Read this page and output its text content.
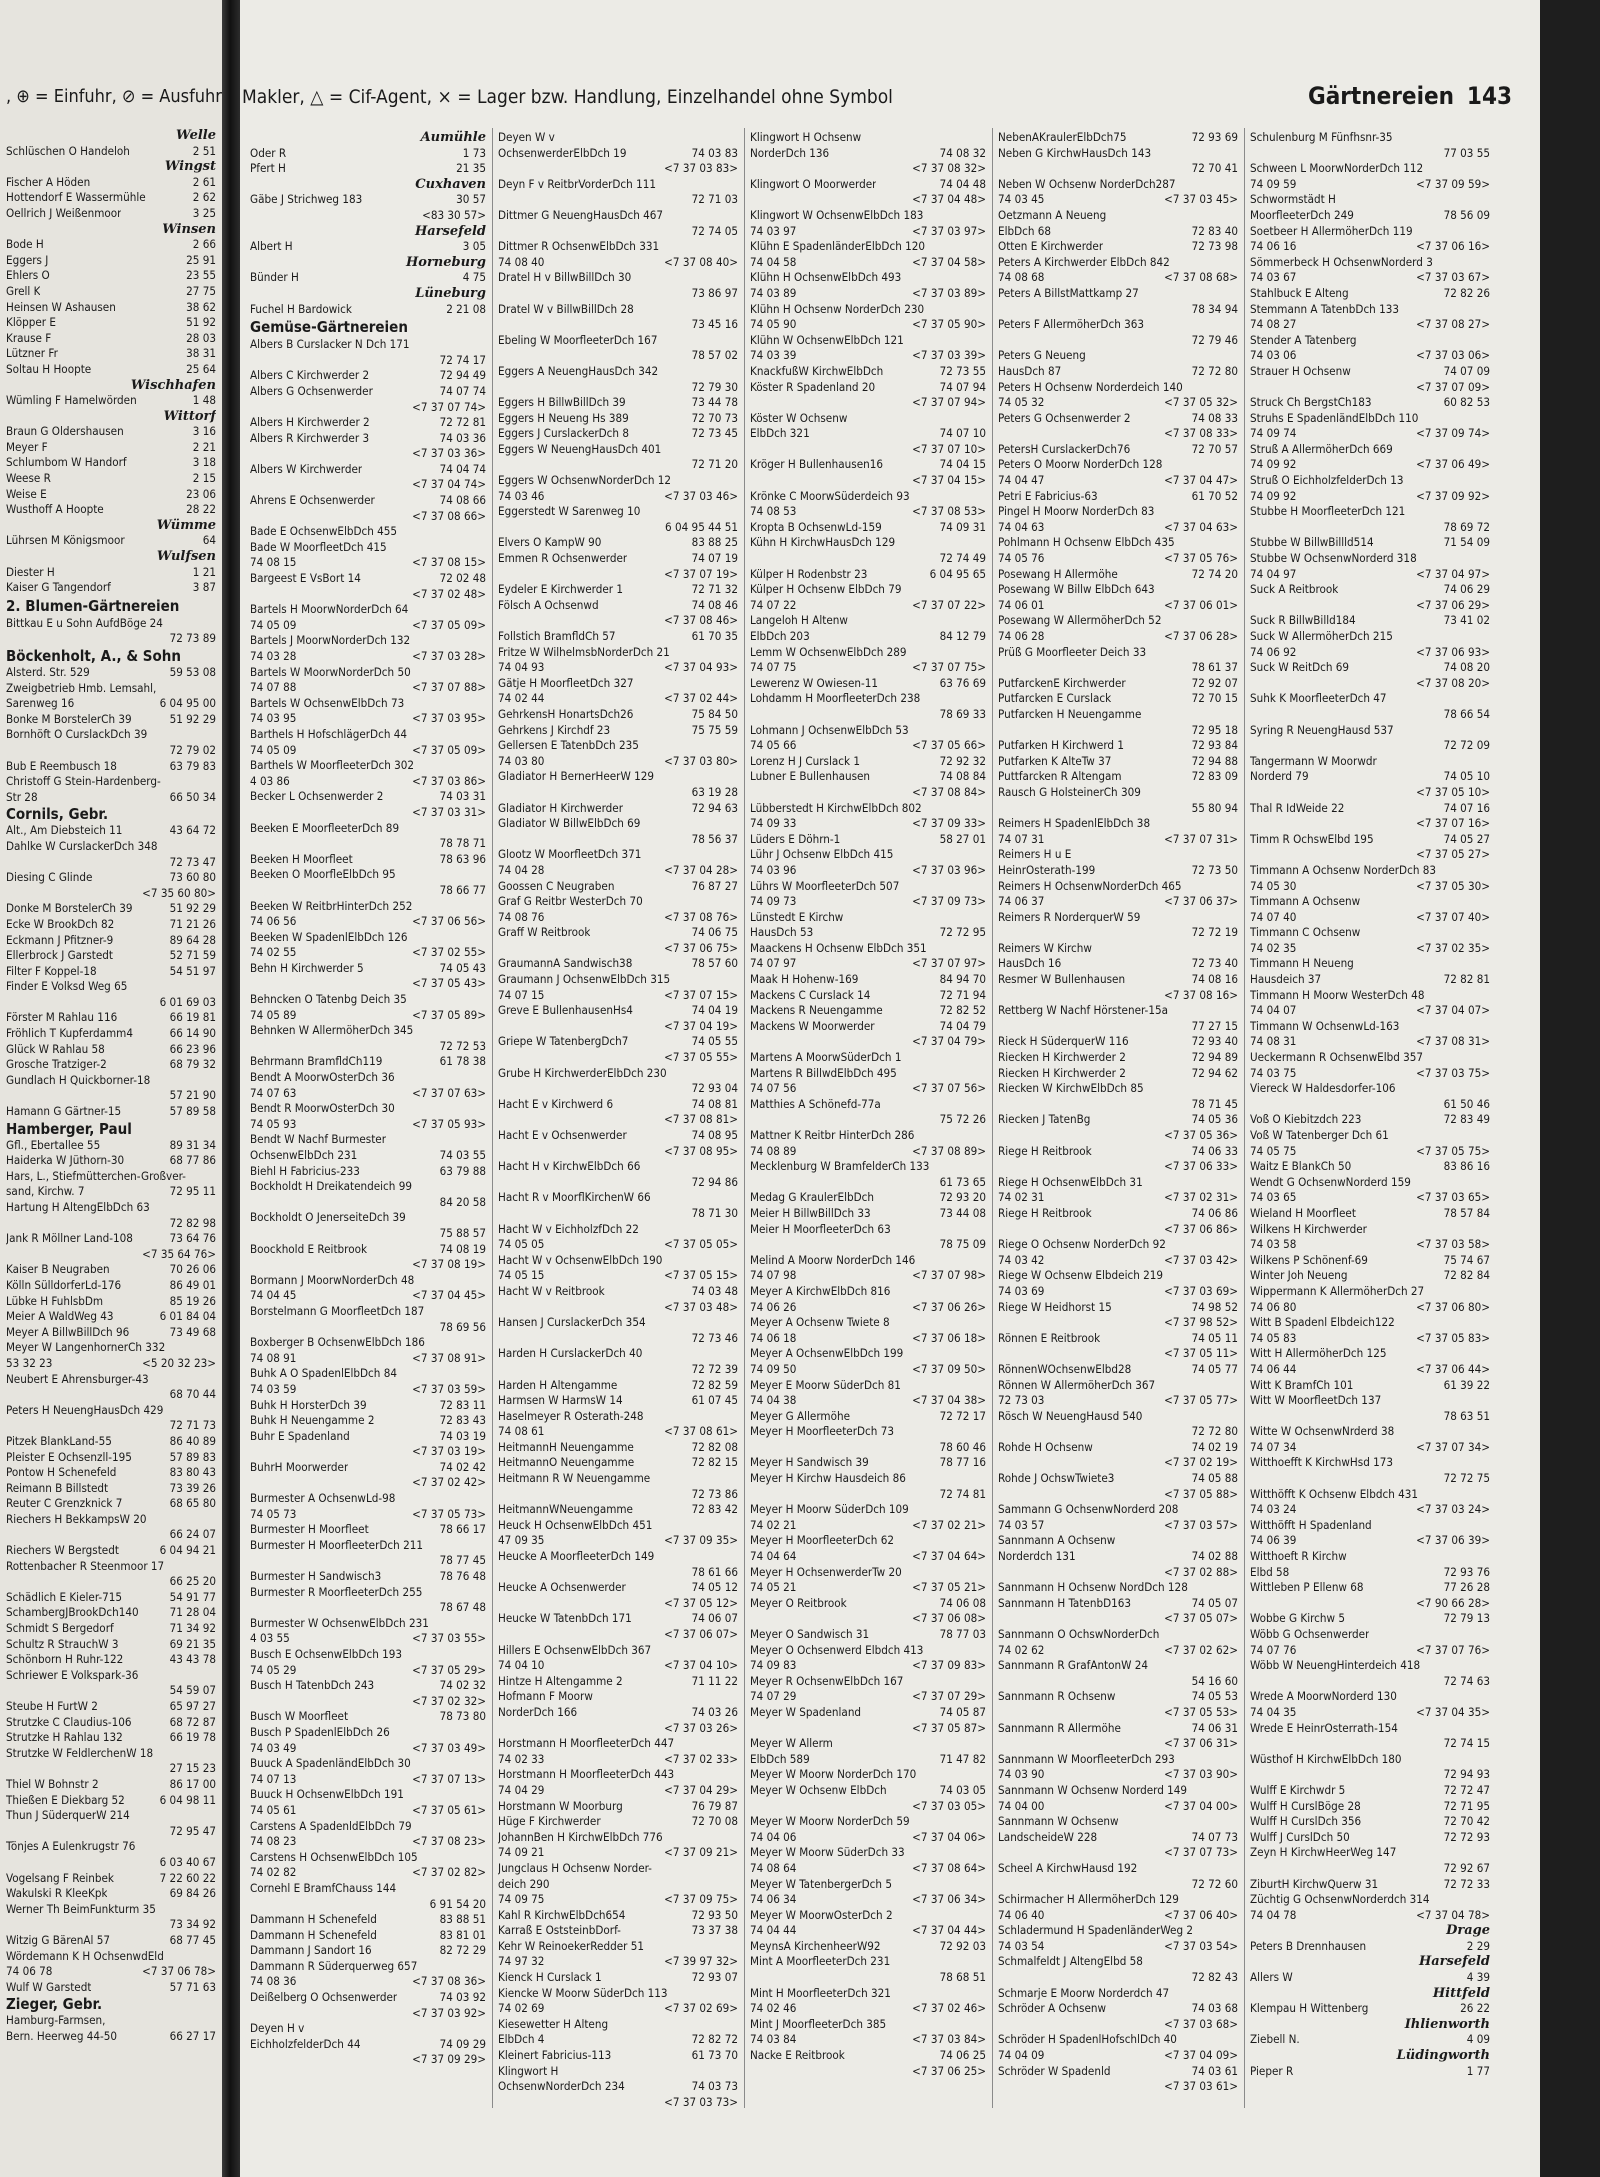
, ⊕ = Einfuhr, ⊘ = Ausfuhr
Welle
Schlüschen O Handeloh	2 51
Wingst
Fischer A Höden	2 61
Hottendorf E Wassermühle	2 62
Oellrich J Weißenmoor	3 25
Winsen
Bode H	2 66
Eggers J	25 91
Ehlers O	23 55
Grell K	27 75
Heinsen W Ashausen	38 62
Klöpper E	51 92
Krause F	28 03
Lützner Fr	38 31
Soltau H Hoopte	25 64
Wischhafen
Wümling F Hamelwörden	1 48
Wittorf
Braun G Oldershausen	3 16
Meyer F	2 21
Schlumbom W Handorf	3 18
Weese R	2 15
Weise E	23 06
Wusthoff A Hoopte	28 22
Wümme
Lührsen M Königsmoor	64
Wulfsen
Diester H	1 21
Kaiser G Tangendorf	3 87
2. Blumen-Gärtnereien
Bittkau E u Sohn AufdBöge 24
72 73 89
Böckenholt, A., & Sohn
Alsterd. Str. 529	59 53 08
Zweigbetrieb Hmb. Lemsahl,
Sarenweg 16	6 04 95 00
Bonke M BorstelerCh 39	51 92 29
Bornhöft O CurslackDch 39
72 79 02
Bub E Reembusch 18	63 79 83
Christoff G Stein-Hardenberg-
Str 28	66 50 34
Cornils, Gebr.
Alt., Am Diebsteich 11	43 64 72
Dahlke W CurslackerDch 348
72 73 47
Diesing C Glinde	73 60 80
<7 35 60 80>
Donke M BorstelerCh 39	51 92 29
Ecke W BrookDch 82	71 21 26
Eckmann J Pfitzner-9	89 64 28
Ellerbrock J Garstedt	52 71 59
Filter F Koppel-18	54 51 97
Finder E Volksd Weg 65
6 01 69 03
Förster M Rahlau 116	66 19 81
Fröhlich T Kupferdamm4	66 14 90
Glück W Rahlau 58	66 23 96
Grosche Tratziger-2	68 79 32
Gundlach H Quickborner-18
57 21 90
Hamann G Gärtner-15	57 89 58
Hamberger, Paul
Gfl., Ebertallee 55	89 31 34
Haiderka W Jüthorn-30	68 77 86
Hars, L., Stiefmütterchen-Großver-
sand, Kirchw. 7	72 95 11
Hartung H AltengElbDch 63
72 82 98
Jank R Möllner Land-108	73 64 76
<7 35 64 76>
Kaiser B Neugraben	70 26 06
Kölln SülldorferLd-176	86 49 01
Lübke H FuhlsbDm	85 19 26
Meier A WaldWeg 43	6 01 84 04
Meyer A BillwBillDch 96	73 49 68
Meyer W LangenhornerCh 332
53 32 23	<5 20 32 23>
Neubert E Ahrensburger-43
68 70 44
Peters H NeuengHausDch 429
72 71 73
Pitzek BlankLand-55	86 40 89
Pleister E Ochsenzll-195	57 89 83
Pontow H Schenefeld	83 80 43
Reimann B Billstedt	73 39 26
Reuter C Grenzknick 7	68 65 80
Riechers H BekkampsW 20
66 24 07
Riechers W Bergstedt	6 04 94 21
Rottenbacher R Steenmoor 17
66 25 20
Schädlich E Kieler-715	54 91 77
SchambergJBrookDch140	71 28 04
Schmidt S Bergedorf	71 34 92
Schultz R StrauchW 3	69 21 35
Schönborn H Ruhr-122	43 43 78
Schriewer E Volkspark-36
54 59 07
Steube H FurtW 2	65 97 27
Strutzke C Claudius-106	68 72 87
Strutzke H Rahlau 132	66 19 78
Strutzke W FeldlerchenW 18
27 15 23
Thiel W Bohnstr 2	86 17 00
Thießen E Diekbarg 52	6 04 98 11
Thun J SüderquerW 214
72 95 47
Tönjes A Eulenkrugstr 76
6 03 40 67
Vogelsang F Reinbek	7 22 60 22
Wakulski R KleeKpk	69 84 26
Werner Th BeimFunkturm 35
73 34 92
Witzig G BärenAl 57	68 77 45
Wördemann K H OchsenwdEld
74 06 78	<7 37 06 78>
Wulf W Garstedt	57 71 63
Zieger, Gebr.
Hamburg-Farmsen,
Bern. Heerweg 44-50	66 27 17
Makler, △ = Cif-Agent, × = Lager bzw. Handlung, Einzelhandel ohne Symbol	Gärtnereien 143
Aumühle
Oder R	1 73
Pfert H	21 35
Cuxhaven
Gäbe J Strichweg 183	30 57
<83 30 57>
Harsefeld
Albert H	3 05
Horneburg
Bünder H	4 75
Lüneburg
Fuchel H Bardowick	2 21 08
Gemüse-Gärtnereien
Albers B Curslacker N Dch 171
72 74 17
Albers C Kirchwerder 2	72 94 49
Albers G Ochsenwerder	74 07 74
<7 37 07 74>
Albers H Kirchwerder 2	72 72 81
Albers R Kirchwerder 3	74 03 36
<7 37 03 36>
Albers W Kirchwerder	74 04 74
<7 37 04 74>
Ahrens E Ochsenwerder	74 08 66
<7 37 08 66>
Bade E OchsenwElbDch 455
Bade W MoorfleetDch 415
74 08 15	<7 37 08 15>
Bargeest E VsBort 14	72 02 48
<7 37 02 48>
Bartels H MoorwNorderDch 64
74 05 09	<7 37 05 09>
Bartels J MoorwNorderDch 132
74 03 28	<7 37 03 28>
Bartels W MoorwNorderDch 50
74 07 88	<7 37 07 88>
Bartels W OchsenwElbDch 73
74 03 95	<7 37 03 95>
Barthels H HofschlägerDch 44
74 05 09	<7 37 05 09>
Barthels W MoorfleeterDch 302
4 03 86	<7 37 03 86>
Becker L Ochsenwerder 2	74 03 31
<7 37 03 31>
Beeken E MoorfleeterDch 89
78 78 71
Beeken H Moorfleet	78 63 96
Beeken O MoorfleElbDch 95
78 66 77
Beeken W ReitbrHinterDch 252
74 06 56	<7 37 06 56>
Beeken W SpadenlElbDch 126
74 02 55	<7 37 02 55>
Behn H Kirchwerder 5	74 05 43
<7 37 05 43>
Behncken O Tatenbg Deich 35
74 05 89	<7 37 05 89>
Behnken W AllermöherDch 345
72 72 53
Behrmann BramfldCh119	61 78 38
Bendt A MoorwOsterDch 36
74 07 63	<7 37 07 63>
Bendt R MoorwOsterDch 30
74 05 93	<7 37 05 93>
Bendt W Nachf Burmester
OchsenwElbDch 231	74 03 55
Biehl H Fabricius-233	63 79 88
Bockholdt H Dreikatendeich 99
84 20 58
Bockholdt O JenerseiteDch 39
75 88 57
Boockhold E Reitbrook	74 08 19
<7 37 08 19>
Bormann J MoorwNorderDch 48
74 04 45	<7 37 04 45>
Borstelmann G MoorfleetDch 187
78 69 56
Boxberger B OchsenwElbDch 186
74 08 91	<7 37 08 91>
Buhk A O SpadenlElbDch 84
74 03 59	<7 37 03 59>
Buhk H HorsterDch 39	72 83 11
Buhk H Neuengamme 2	72 83 43
Buhr E Spadenland	74 03 19
<7 37 03 19>
BuhrH Moorwerder	74 02 42
<7 37 02 42>
Burmester A OchsenwLd-98
74 05 73	<7 37 05 73>
Burmester H Moorfleet	78 66 17
Burmester H MoorfleeterDch 211
78 77 45
Burmester H Sandwisch3	78 76 48
Burmester R MoorfleeterDch 255
78 67 48
Burmester W OchsenwElbDch 231
4 03 55	<7 37 03 55>
Busch E OchsenwElbDch 193
74 05 29	<7 37 05 29>
Busch H TatenbDch 243	74 02 32
<7 37 02 32>
Busch W Moorfleet	78 73 80
Busch P SpadenlElbDch 26
74 03 49	<7 37 03 49>
Buuck A SpadenländElbDch 30
74 07 13	<7 37 07 13>
Buuck H OchsenwElbDch 191
74 05 61	<7 37 05 61>
Carstens A SpadenldElbDch 79
74 08 23	<7 37 08 23>
Carstens H OchsenwElbDch 105
74 02 82	<7 37 02 82>
Cornehl E BramfChauss 144
6 91 54 20
Dammann H Schenefeld	83 88 51
Dammann H Schenefeld	83 81 01
Dammann J Sandort 16	82 72 29
Dammann R Süderquerweg 657
74 08 36	<7 37 08 36>
Deißelberg O Ochsenwerder	74 03 92
<7 37 03 92>
Deyen H v
EichholzfelderDch 44	74 09 29
<7 37 09 29>
Deyen W v
OchsenwerderElbDch 19	74 03 83
<7 37 03 83>
Deyn F v ReitbrVorderDch 111
72 71 03
Dittmer G NeuengHausDch 467
72 74 05
Dittmer R OchsenwElbDch 331
74 08 40	<7 37 08 40>
Dratel H v BillwBillDch 30
73 86 97
Dratel W v BillwBillDch 28
73 45 16
Ebeling W MoorfleeterDch 167
78 57 02
Eggers A NeuengHausDch 342
72 79 30
Eggers H BillwBillDch 39	73 44 78
Eggers H Neueng Hs 389	72 70 73
Eggers J CurslackerDch 8	72 73 45
Eggers W NeuengHausDch 401
72 71 20
Eggers W OchsenwNorderDch 12
74 03 46	<7 37 03 46>
Eggerstedt W Sarenweg 10
6 04 95 44 51
Elvers O KampW 90	83 88 25
Emmen R Ochsenwerder	74 07 19
<7 37 07 19>
Eydeler E Kirchwerder 1	72 71 32
Fölsch A Ochsenwd	74 08 46
<7 37 08 46>
Follstich BramfldCh 57	61 70 35
Fritze W WilhelmsbNorderDch 21
74 04 93	<7 37 04 93>
Gätje H MoorfleetDch 327
74 02 44	<7 37 02 44>
GehrkensH HonartsDch26	75 84 50
Gehrkens J Kirchdf 23	75 75 59
Gellersen E TatenbDch 235
74 03 80	<7 37 03 80>
Gladiator H BernerHeerW 129
63 19 28
Gladiator H Kirchwerder	72 94 63
Gladiator W BillwElbDch 69
78 56 37
Glootz W MoorfleetDch 371
74 04 28	<7 37 04 28>
Goossen C Neugraben	76 87 27
Graf G Reitbr WesterDch 70
74 08 76	<7 37 08 76>
Graff W Reitbrook	74 06 75
<7 37 06 75>
GraumannA Sandwisch38	78 57 60
Graumann J OchsenwElbDch 315
74 07 15	<7 37 07 15>
Greve E BullenhausenHs4	74 04 19
<7 37 04 19>
Griepe W TatenbergDch7	74 05 55
<7 37 05 55>
Grube H KirchwerderElbDch 230
72 93 04
Hacht E v Kirchwerd 6	74 08 81
<7 37 08 81>
Hacht E v Ochsenwerder	74 08 95
<7 37 08 95>
Hacht H v KirchwElbDch 66
72 94 86
Hacht R v MoorflKirchenW 66
78 71 30
Hacht W v EichholzfDch 22
74 05 05	<7 37 05 05>
Hacht W v OchsenwElbDch 190
74 05 15	<7 37 05 15>
Hacht W v Reitbrook	74 03 48
<7 37 03 48>
Hansen J CurslackerDch 354
72 73 46
Harden H CurslackerDch 40
72 72 39
Harden H Altengamme	72 82 59
Harmsen W HarmsW 14	61 07 45
Haselmeyer R Osterath-248
74 08 61	<7 37 08 61>
HeitmannH Neuengamme	72 82 08
HeitmannO Neuengamme	72 82 15
Heitmann R W Neuengamme
72 73 86
HeitmannWNeuengamme	72 83 42
Heuck H OchsenwElbDch 451
47 09 35	<7 37 09 35>
Heucke A MoorfleeterDch 149
78 61 66
Heucke A Ochsenwerder	74 05 12
<7 37 05 12>
Heucke W TatenbDch 171	74 06 07
<7 37 06 07>
Hillers E OchsenwElbDch 367
74 04 10	<7 37 04 10>
Hintze H Altengamme 2	71 11 22
Hofmann F Moorw
NorderDch 166	74 03 26
<7 37 03 26>
Horstmann H MoorfleeterDch 447
74 02 33	<7 37 02 33>
Horstmann H MoorfleeterDch 443
74 04 29	<7 37 04 29>
Horstmann W Moorburg	76 79 87
Hüge F Kirchwerder	72 70 08
JohannBen H KirchwElbDch 776
74 09 21	<7 37 09 21>
Jungclaus H Ochsenw Norder-
deich 290
74 09 75	<7 37 09 75>
Kahl R KirchwElbDch654	72 93 50
Karraß E OststeinbDorf-	73 37 38
Kehr W ReinoekerRedder 51
74 97 32	<7 39 97 32>
Kienck H Curslack 1	72 93 07
Kiencke W Moorw SüderDch 113
74 02 69	<7 37 02 69>
Kiesewetter H Alteng
ElbDch 4	72 82 72
Kleinert Fabricius-113	61 73 70
Klingwort H
OchsenwNorderDch 234	74 03 73
<7 37 03 73>
Klingwort H Ochsenw
NorderDch 136	74 08 32
<7 37 08 32>
Klingwort O Moorwerder	74 04 48
<7 37 04 48>
Klingwort W OchsenwElbDch 183
74 03 97	<7 37 03 97>
Klühn E SpadenländerElbDch 120
74 04 58	<7 37 04 58>
Klühn H OchsenwElbDch 493
74 03 89	<7 37 03 89>
Klühn H Ochsenw NorderDch 230
74 05 90	<7 37 05 90>
Klühn W OchsenwElbDch 121
74 03 39	<7 37 03 39>
KnackfußW KirchwElbDch	72 73 55
Köster R Spadenland 20	74 07 94
<7 37 07 94>
Köster W Ochsenw
ElbDch 321	74 07 10
<7 37 07 10>
Kröger H Bullenhausen16	74 04 15
<7 37 04 15>
Krönke C MoorwSüderdeich 93
74 08 53	<7 37 08 53>
Kropta B OchsenwLd-159	74 09 31
Kühn H KirchwHausDch 129
72 74 49
Külper H Rodenbstr 23	6 04 95 65
Külper H Ochsenw ElbDch 79
74 07 22	<7 37 07 22>
Langeloh H Altenw
ElbDch 203	84 12 79
Lemm W OchsenwElbDch 289
74 07 75	<7 37 07 75>
Lewerenz W Owiesen-11	63 76 69
Lohdamm H MoorfleeterDch 238
78 69 33
Lohmann J OchsenwElbDch 53
74 05 66	<7 37 05 66>
Lorenz H J Curslack 1	72 92 32
Lubner E Bullenhausen	74 08 84
<7 37 08 84>
Lübberstedt H KirchwElbDch 802
74 09 33	<7 37 09 33>
Lüders E Döhrn-1	58 27 01
Lühr J Ochsenw ElbDch 415
74 03 96	<7 37 03 96>
Lührs W MoorfleeterDch 507
74 09 73	<7 37 09 73>
Lünstedt E Kirchw
HausDch 53	72 72 95
Maackens H Ochsenw ElbDch 351
74 07 97	<7 37 07 97>
Maak H Hohenw-169	84 94 70
Mackens C Curslack 14	72 71 94
Mackens R Neuengamme	72 82 52
Mackens W Moorwerder	74 04 79
<7 37 04 79>
Martens A MoorwSüderDch 1
Martens R BillwdElbDch 495
74 07 56	<7 37 07 56>
Matthies A Schönefd-77a
75 72 26
Mattner K Reitbr HinterDch 286
74 08 89	<7 37 08 89>
Mecklenburg W BramfelderCh 133
61 73 65
Medag G KraulerElbDch	72 93 20
Meier H BillwBillDch 33	73 44 08
Meier H MoorfleeterDch 63
78 75 09
Melind A Moorw NorderDch 146
74 07 98	<7 37 07 98>
Meyer A KirchwElbDch 816
74 06 26	<7 37 06 26>
Meyer A Ochsenw Twiete 8
74 06 18	<7 37 06 18>
Meyer A OchsenwElbDch 199
74 09 50	<7 37 09 50>
Meyer E Moorw SüderDch 81
74 04 38	<7 37 04 38>
Meyer G Allermöhe	72 72 17
Meyer H MoorfleeterDch 73
78 60 46
Meyer H Sandwisch 39	78 77 16
Meyer H Kirchw Hausdeich 86
72 74 81
Meyer H Moorw SüderDch 109
74 02 21	<7 37 02 21>
Meyer H MoorfleeterDch 62
74 04 64	<7 37 04 64>
Meyer H OchsenwerderTw 20
74 05 21	<7 37 05 21>
Meyer O Reitbrook	74 06 08
<7 37 06 08>
Meyer O Sandwisch 31	78 77 03
Meyer O Ochsenwerd Elbdch 413
74 09 83	<7 37 09 83>
Meyer R OchsenwElbDch 167
74 07 29	<7 37 07 29>
Meyer W Spadenland	74 05 87
<7 37 05 87>
Meyer W Allerm
ElbDch 589	71 47 82
Meyer W Moorw NorderDch 170
Meyer W Ochsenw ElbDch	74 03 05
<7 37 03 05>
Meyer W Moorw NorderDch 59
74 04 06	<7 37 04 06>
Meyer W Moorw SüderDch 33
74 08 64	<7 37 08 64>
Meyer W TatenbergerDch 5
74 06 34	<7 37 06 34>
Meyer W MoorwOsterDch 2
74 04 44	<7 37 04 44>
MeynsA KirchenheerW92	72 92 03
Mint A MoorfleeterDch 231
78 68 51
Mint H MoorfleeterDch 321
74 02 46	<7 37 02 46>
Mint J MoorfleeterDch 385
74 03 84	<7 37 03 84>
Nacke E Reitbrook	74 06 25
<7 37 06 25>
NebenAKraulerElbDch75	72 93 69
Neben G KirchwHausDch 143
72 70 41
Neben W Ochsenw NorderDch287
74 03 45	<7 37 03 45>
Oetzmann A Neueng
ElbDch 68	72 83 40
Otten E Kirchwerder	72 73 98
Peters A Kirchwerder ElbDch 842
74 08 68	<7 37 08 68>
Peters A BillstMattkamp 27
78 34 94
Peters F AllermöherDch 363
72 79 46
Peters G Neueng
HausDch 87	72 72 80
Peters H Ochsenw Norderdeich 140
74 05 32	<7 37 05 32>
Peters G Ochsenwerder 2	74 08 33
<7 37 08 33>
PetersH CurslackerDch76	72 70 57
Peters O Moorw NorderDch 128
74 04 47	<7 37 04 47>
Petri E Fabricius-63	61 70 52
Pingel H Moorw NorderDch 83
74 04 63	<7 37 04 63>
Pohlmann H Ochsenw ElbDch 435
74 05 76	<7 37 05 76>
Posewang H Allermöhe	72 74 20
Posewang W Billw ElbDch 643
74 06 01	<7 37 06 01>
Posewang W AllermöherDch 52
74 06 28	<7 37 06 28>
Prüß G Moorfleeter Deich 33
78 61 37
PutfarckenE Kirchwerder	72 92 07
Putfarcken E Curslack	72 70 15
Putfarcken H Neuengamme
72 95 18
Putfarken H Kirchwerd 1	72 93 84
Putfarken K AlteTw 37	72 94 88
Puttfarcken R Altengam	72 83 09
Rausch G HolsteinerCh 309
55 80 94
Reimers H SpadenlElbDch 38
74 07 31	<7 37 07 31>
Reimers H u E
HeinrOsterath-199	72 73 50
Reimers H OchsenwNorderDch 465
74 06 37	<7 37 06 37>
Reimers R NorderquerW 59
72 72 19
Reimers W Kirchw
HausDch 16	72 73 40
Resmer W Bullenhausen	74 08 16
<7 37 08 16>
Rettberg W Nachf Hörstener-15a
77 27 15
Rieck H SüderquerW 116	72 93 40
Riecken H Kirchwerder 2	72 94 89
Riecken H Kirchwerder 2	72 94 62
Riecken W KirchwElbDch 85
78 71 45
Riecken J TatenBg	74 05 36
<7 37 05 36>
Riege H Reitbrook	74 06 33
<7 37 06 33>
Riege H OchsenwElbDch 31
74 02 31	<7 37 02 31>
Riege H Reitbrook	74 06 86
<7 37 06 86>
Riege O Ochsenw NorderDch 92
74 03 42	<7 37 03 42>
Riege W Ochsenw Elbdeich 219
74 03 69	<7 37 03 69>
Riege W Heidhorst 15	74 98 52
<7 37 98 52>
Rönnen E Reitbrook	74 05 11
<7 37 05 11>
RönnenWOchsenwElbd28	74 05 77
Rönnen W AllermöherDch 367
72 73 03	<7 37 05 77>
Rösch W NeuengHausd 540
72 72 80
Rohde H Ochsenw	74 02 19
<7 37 02 19>
Rohde J OchswTwiete3	74 05 88
<7 37 05 88>
Sammann G OchsenwNorderd 208
74 03 57	<7 37 03 57>
Sannmann A Ochsenw
Norderdch 131	74 02 88
<7 37 02 88>
Sannmann H Ochsenw NordDch 128
Sannmann H TatenbD163	74 05 07
<7 37 05 07>
Sannmann O OchswNorderDch
74 02 62	<7 37 02 62>
Sannmann R GrafAntonW 24
54 16 60
Sannmann R Ochsenw	74 05 53
<7 37 05 53>
Sannmann R Allermöhe	74 06 31
<7 37 06 31>
Sannmann W MoorfleeterDch 293
74 03 90	<7 37 03 90>
Sannmann W Ochsenw Norderd 149
74 04 00	<7 37 04 00>
Sannmann W Ochsenw
LandscheideW 228	74 07 73
<7 37 07 73>
Scheel A KirchwHausd 192
72 72 60
Schirmacher H AllermöherDch 129
74 06 40	<7 37 06 40>
Schladermund H SpadenländerWeg 2
74 03 54	<7 37 03 54>
Schmalfeldt J AltengElbd 58
72 82 43
Schmarje E Moorw Norderdch 47
Schröder A Ochsenw	74 03 68
<7 37 03 68>
Schröder H SpadenlHofschlDch 40
74 04 09	<7 37 04 09>
Schröder W Spadenld	74 03 61
<7 37 03 61>
Schulenburg M Fünfhsnr-35
77 03 55
Schween L MoorwNorderDch 112
74 09 59	<7 37 09 59>
Schwormstädt H
MoorfleeterDch 249	78 56 09
Soetbeer H AllermöherDch 119
74 06 16	<7 37 06 16>
Sömmerbeck H OchsenwNorderd 3
74 03 67	<7 37 03 67>
Stahlbuck E Alteng	72 82 26
Stemmann A TatenbDch 133
74 08 27	<7 37 08 27>
Stender A Tatenberg
74 03 06	<7 37 03 06>
Strauer H Ochsenw	74 07 09
<7 37 07 09>
Struck Ch BergstCh183	60 82 53
Struhs E SpadenländElbDch 110
74 09 74	<7 37 09 74>
Struß A AllermöherDch 669
74 09 92	<7 37 06 49>
Struß O EichholzfelderDch 13
74 09 92	<7 37 09 92>
Stubbe H MoorfleeterDch 121
78 69 72
Stubbe W BillwBillld514	71 54 09
Stubbe W OchsenwNorderd 318
74 04 97	<7 37 04 97>
Suck A Reitbrook	74 06 29
<7 37 06 29>
Suck R BillwBilld184	73 41 02
Suck W AllermöherDch 215
74 06 92	<7 37 06 93>
Suck W ReitDch 69	74 08 20
<7 37 08 20>
Suhk K MoorfleeterDch 47
78 66 54
Syring R NeuengHausd 537
72 72 09
Tangermann W Moorwdr
Norderd 79	74 05 10
<7 37 05 10>
Thal R IdWeide 22	74 07 16
<7 37 07 16>
Timm R OchswElbd 195	74 05 27
<7 37 05 27>
Timmann A Ochsenw NorderDch 83
74 05 30	<7 37 05 30>
Timmann A Ochsenw
74 07 40	<7 37 07 40>
Timmann C Ochsenw
74 02 35	<7 37 02 35>
Timmann H Neueng
Hausdeich 37	72 82 81
Timmann H Moorw WesterDch 48
74 04 07	<7 37 04 07>
Timmann W OchsenwLd-163
74 08 31	<7 37 08 31>
Ueckermann R OchsenwElbd 357
74 03 75	<7 37 03 75>
Viereck W Haldesdorfer-106
61 50 46
Voß O Kiebitzdch 223	72 83 49
Voß W Tatenberger Dch 61
74 05 75	<7 37 05 75>
Waitz E BlankCh 50	83 86 16
Wendt G OchsenwNorderd 159
74 03 65	<7 37 03 65>
Wieland H Moorfleet	78 57 84
Wilkens H Kirchwerder
74 03 58	<7 37 03 58>
Wilkens P Schönenf-69	75 74 67
Winter Joh Neueng	72 82 84
Wippermann K AllermöherDch 27
74 06 80	<7 37 06 80>
Witt B Spadenl Elbdeich122
74 05 83	<7 37 05 83>
Witt H AllermöherDch 125
74 06 44	<7 37 06 44>
Witt K BramfCh 101	61 39 22
Witt W MoorfleetDch 137
78 63 51
Witte W OchsenwNrderd 38
74 07 34	<7 37 07 34>
Witthoefft K KirchwHsd 173
72 72 75
Witthöfft K Ochsenw Elbdch 431
74 03 24	<7 37 03 24>
Witthöfft H Spadenland
74 06 39	<7 37 06 39>
Witthoeft R Kirchw
Elbd 58	72 93 76
Wittleben P Ellenw 68	77 26 28
<7 90 66 28>
Wobbe G Kirchw 5	72 79 13
Wöbb G Ochsenwerder
74 07 76	<7 37 07 76>
Wöbb W NeuengHinterdeich 418
72 74 63
Wrede A MoorwNorderd 130
74 04 35	<7 37 04 35>
Wrede E HeinrOsterrath-154
72 74 15
Wüsthof H KirchwElbDch 180
72 94 93
Wulff E Kirchwdr 5	72 72 47
Wulff H CurslBöge 28	72 71 95
Wulff H CurslDch 356	72 70 42
Wulff J CurslDch 50	72 72 93
Zeyn H KirchwHeerWeg 147
72 92 67
ZiburtH KirchwQuerw 31	72 72 33
Züchtig G OchsenwNorderdch 314
74 04 78	<7 37 04 78>
Drage
Peters B Drennhausen	2 29
Harsefeld
Allers W	4 39
Hittfeld
Klempau H Wittenberg	26 22
Ihlienworth
Ziebell N.	4 09
Lüdingworth
Pieper R	1 77
